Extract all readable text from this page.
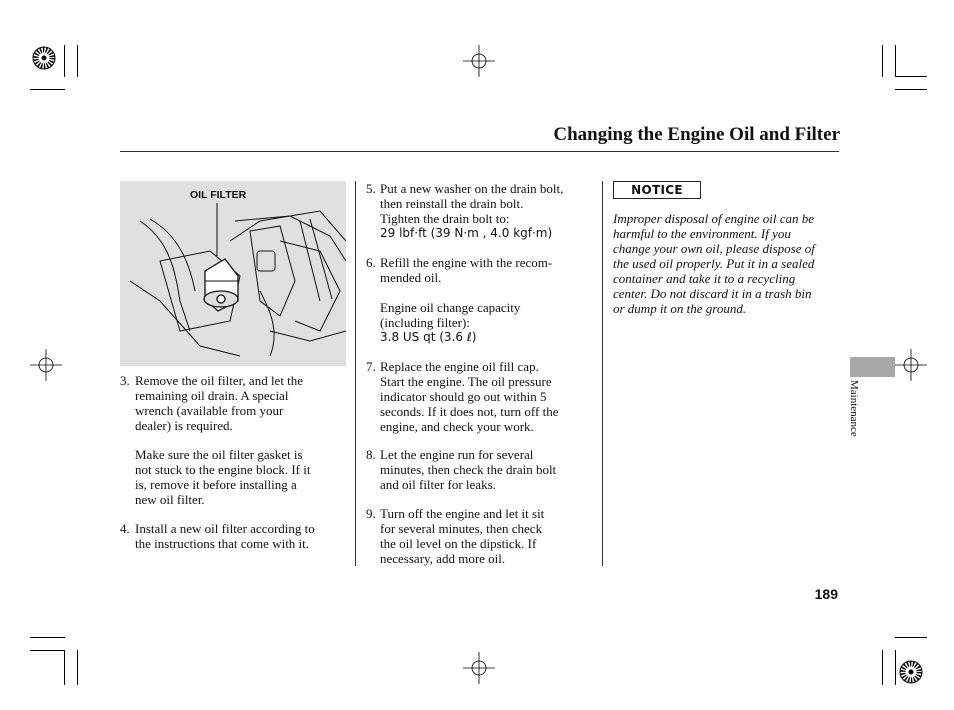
Changing the Engine Oil and Filter
OIL FILTER
3. Remove the oil filter, and let the
remaining oil drain. A special
wrench (available from your
dealer) is required.
Make sure the oil filter gasket is
not stuck to the engine block. If it
is, remove it before installing a
new oil filter.
4. Install a new oil filter according to
the instructions that come with it.
5. Put a new washer on the drain bolt,
then reinstall the drain bolt.
Tighten the drain bolt to:
29 lbf·ft (39 N·m , 4.0 kgf·m)
6. Refill the engine with the recom-
mended oil.
Engine oil change capacity
(including filter):
3.8 US qt (3.6 ℓ)
7. Replace the engine oil fill cap.
Start the engine. The oil pressure
indicator should go out within 5
seconds. If it does not, turn off the
engine, and check your work.
8. Let the engine run for several
minutes, then check the drain bolt
and oil filter for leaks.
9. Turn off the engine and let it sit
for several minutes, then check
the oil level on the dipstick. If
necessary, add more oil.
NOTICE
Improper disposal of engine oil can be
harmful to the environment. If you
change your own oil, please dispose of
the used oil properly. Put it in a sealed
container and take it to a recycling
center. Do not discard it in a trash bin
or dump it on the ground.
Maintenance
189
